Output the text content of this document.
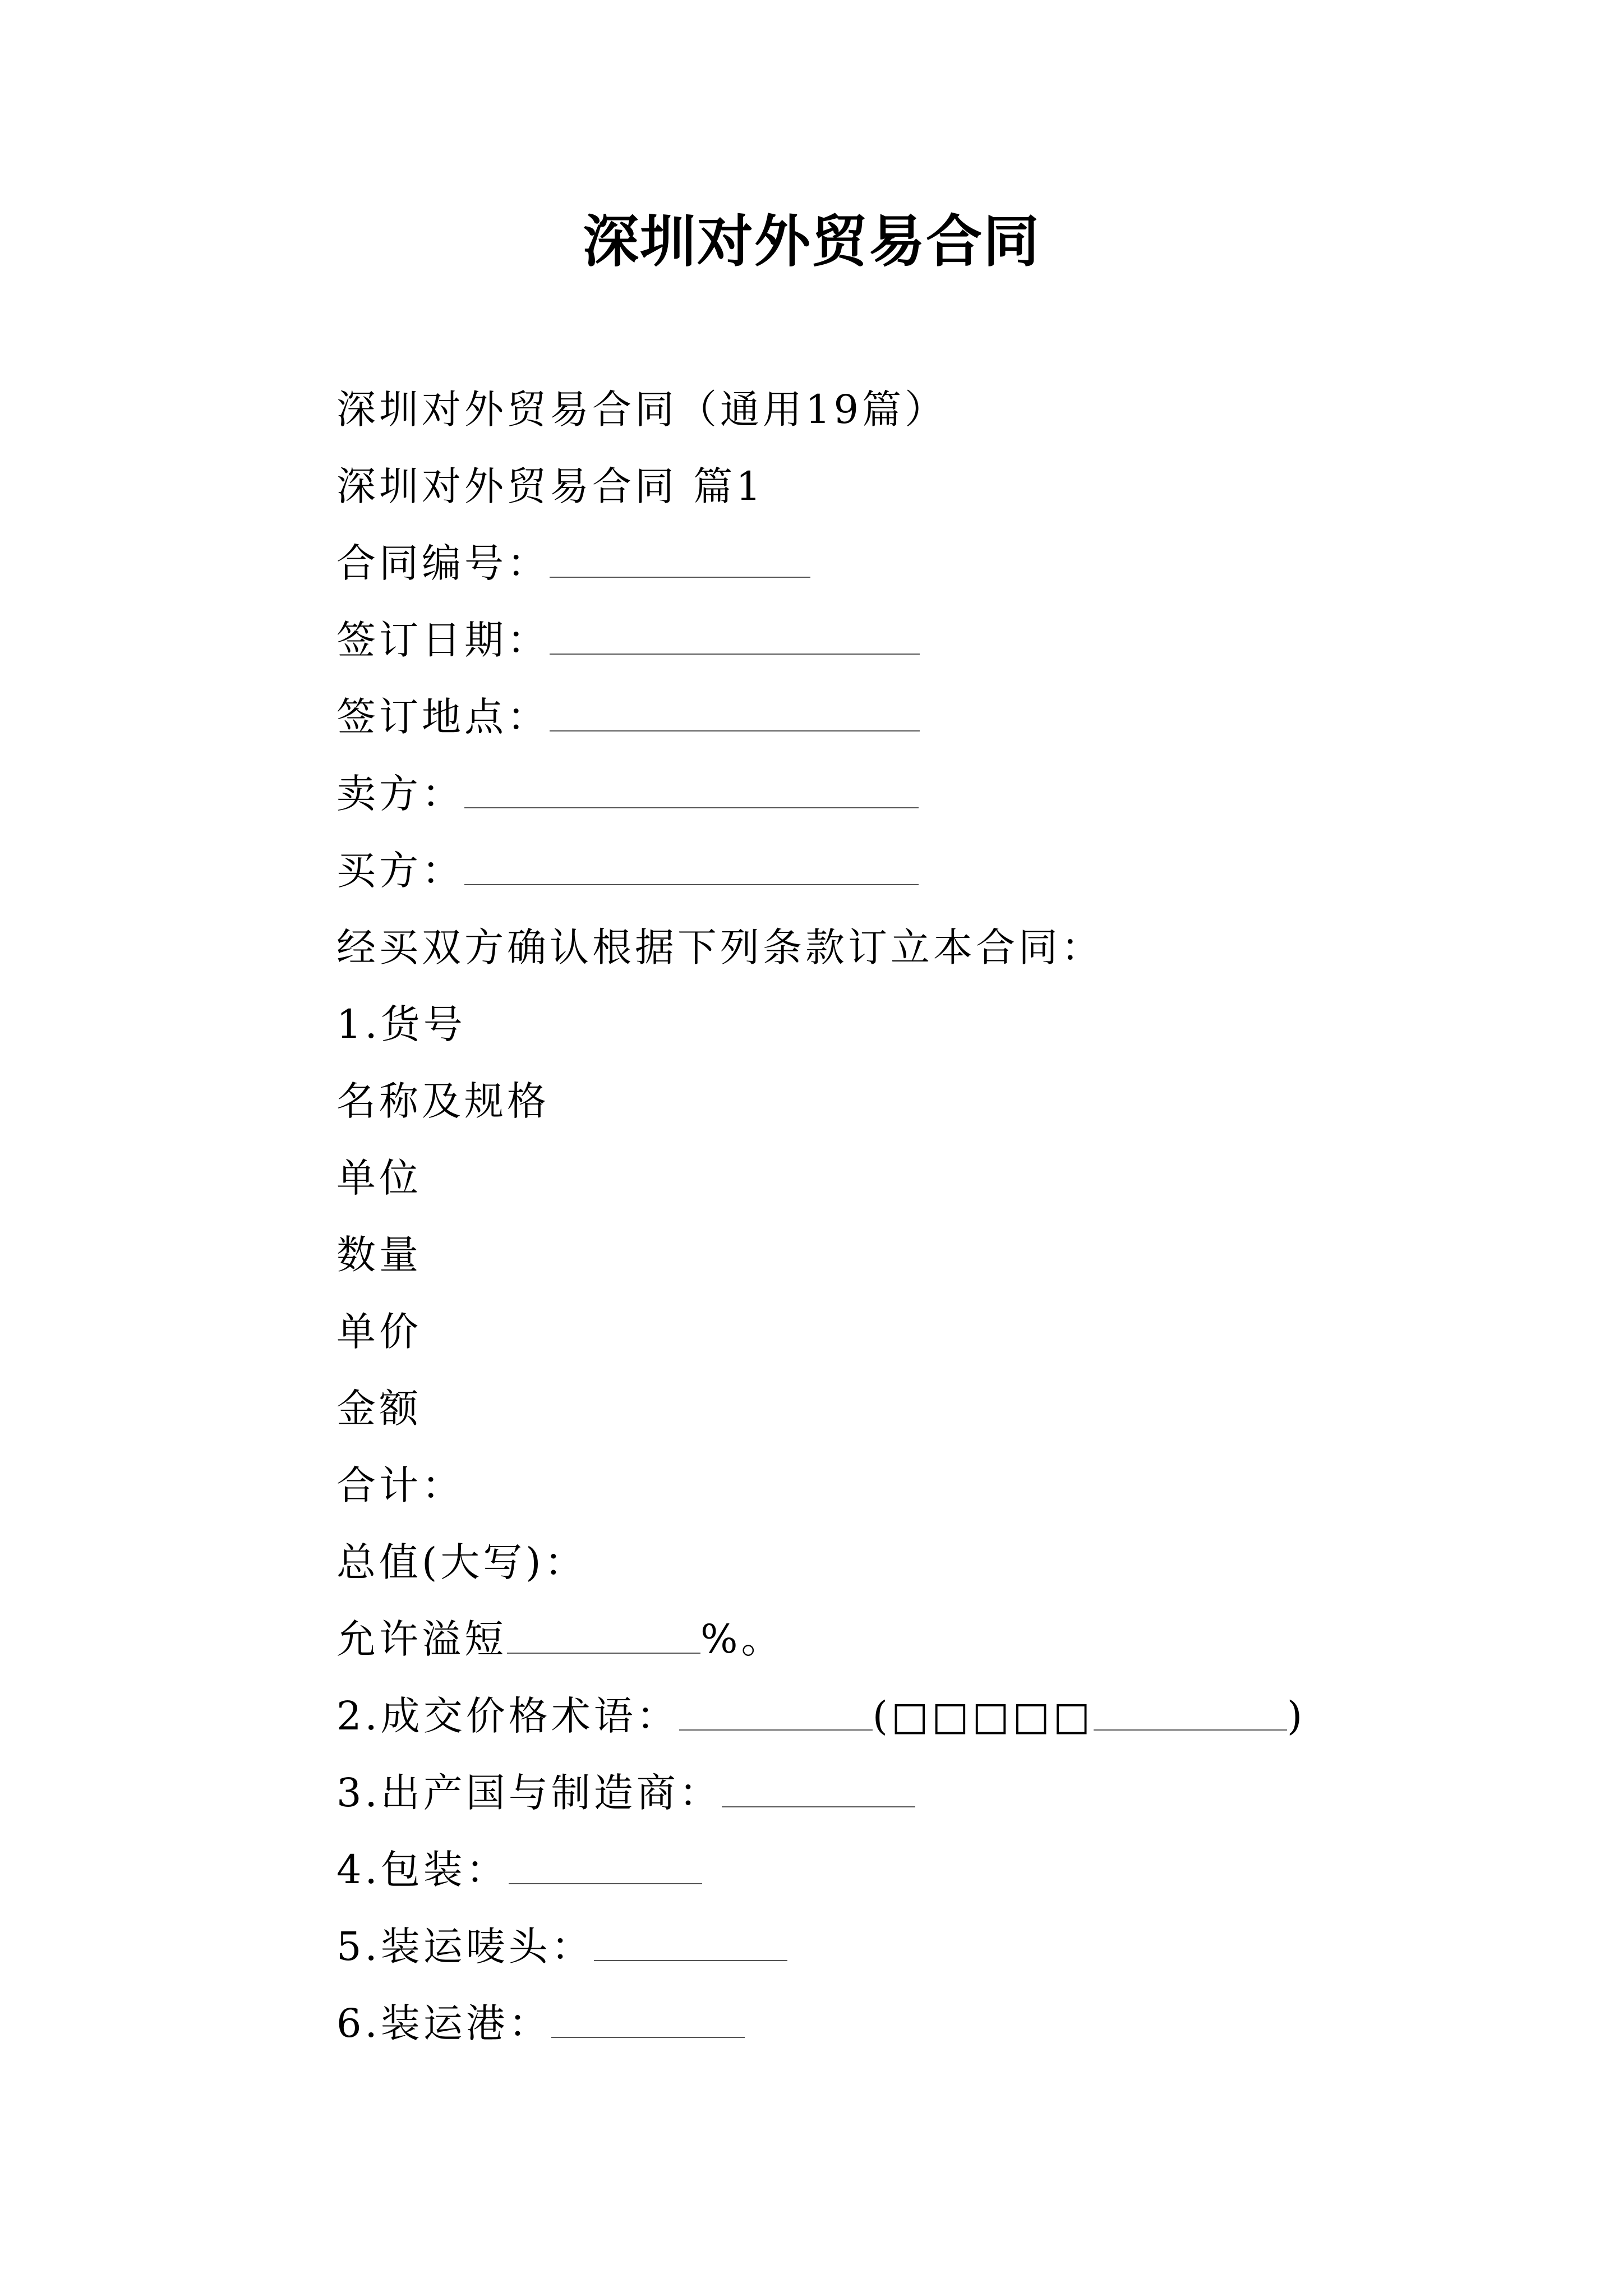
深圳对外贸易合同
深圳对外贸易合同（通用19篇）
深圳对外贸易合同 篇1
合同编号：
签订日期：
签订地点：
卖方：
买方：
经买双方确认根据下列条款订立本合同：
1.货号
名称及规格
单位
数量
单价
金额
合计：
总值(大写)：
允许溢短	%。
2.成交价格术语：	(□□□□□	)
3.出产国与制造商：
4.包装：
5.装运唛头：
6.装运港：
